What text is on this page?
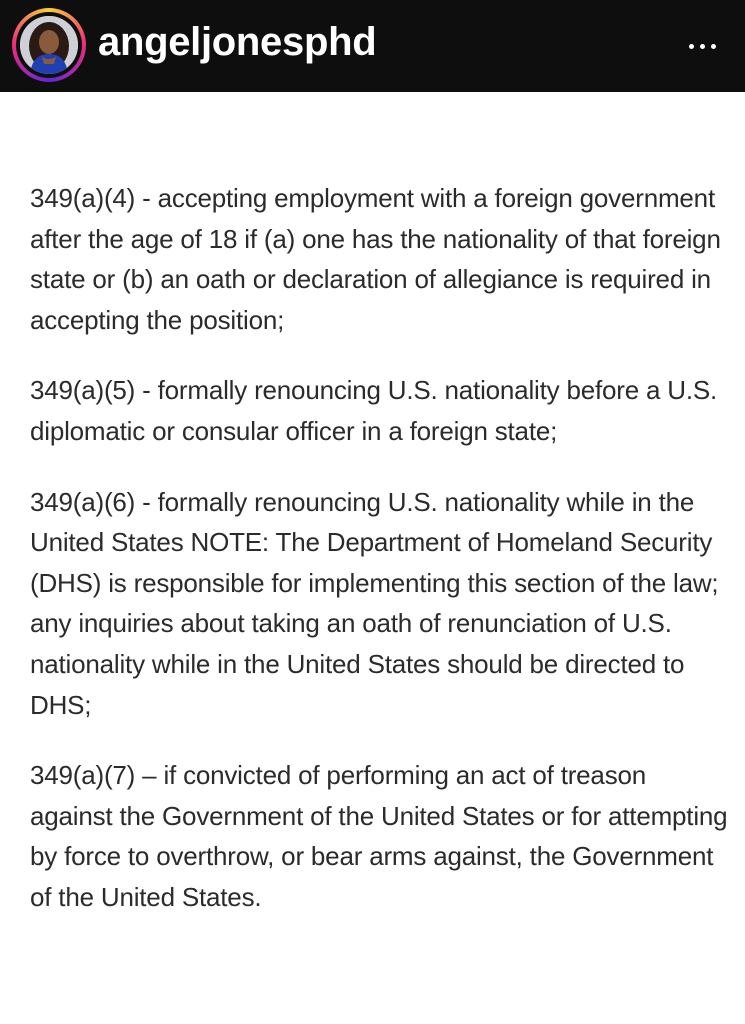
angeljonesphd

349(a)(4) - accepting employment with a foreign government after the age of 18 if (a) one has the nationality of that foreign state or (b) an oath or declaration of allegiance is required in accepting the position;

349(a)(5) - formally renouncing U.S. nationality before a U.S. diplomatic or consular officer in a foreign state;

349(a)(6) - formally renouncing U.S. nationality while in the United States NOTE: The Department of Homeland Security (DHS) is responsible for implementing this section of the law; any inquiries about taking an oath of renunciation of U.S. nationality while in the United States should be directed to DHS;

349(a)(7) – if convicted of performing an act of treason against the Government of the United States or for attempting by force to overthrow, or bear arms against, the Government of the United States.
